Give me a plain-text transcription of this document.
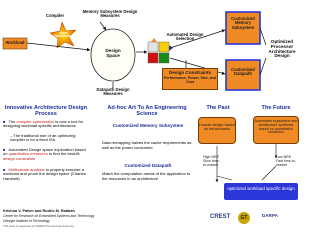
Workload
Compiler
Novel Optimizations
Memory Subsystem Design Measures
Design Space
Datapath Design Measures
Automated Design Selection
Design Constraints
Performance, Power, Size, and Cost
Customized Memory Subsystem
Customized Datapath
Optimized Processor Architecture Design
Innovative Architecture Design Process
■ The compiler optimization is now a tool for designing workload specific architectures
– The traditional role of an optimizing compiler is for a fixed ISA
■ Automated Design space exploration based on quantitative measures to find the best-fit design constraints
■ Multivariate analysis to properly exercise a workload and prune the design space (Charles Hardnett)
Ad-hoc Art To An Engineering Science
Customized Memory Subsystem
Data remapping halves the cache requirements as well as the power consumed
Customized Datapath
Match the computation needs of the application to the resources in an architecture
The Past	The Future
Human design based on benchmarks
Automated exploration and architecture synthesis based on quantitative measures
High NRE Slow time-to-market
Low NRE Fast time-to-market
optimized workload specific design
Krishna V. Palem and Rodric M. Rabbah
Center for Research on Embedded Systems and Technology
Georgia Institute of Technology
This work is supported by DARPA PCA and sponsored by ...
CREST	GT	DARPA
